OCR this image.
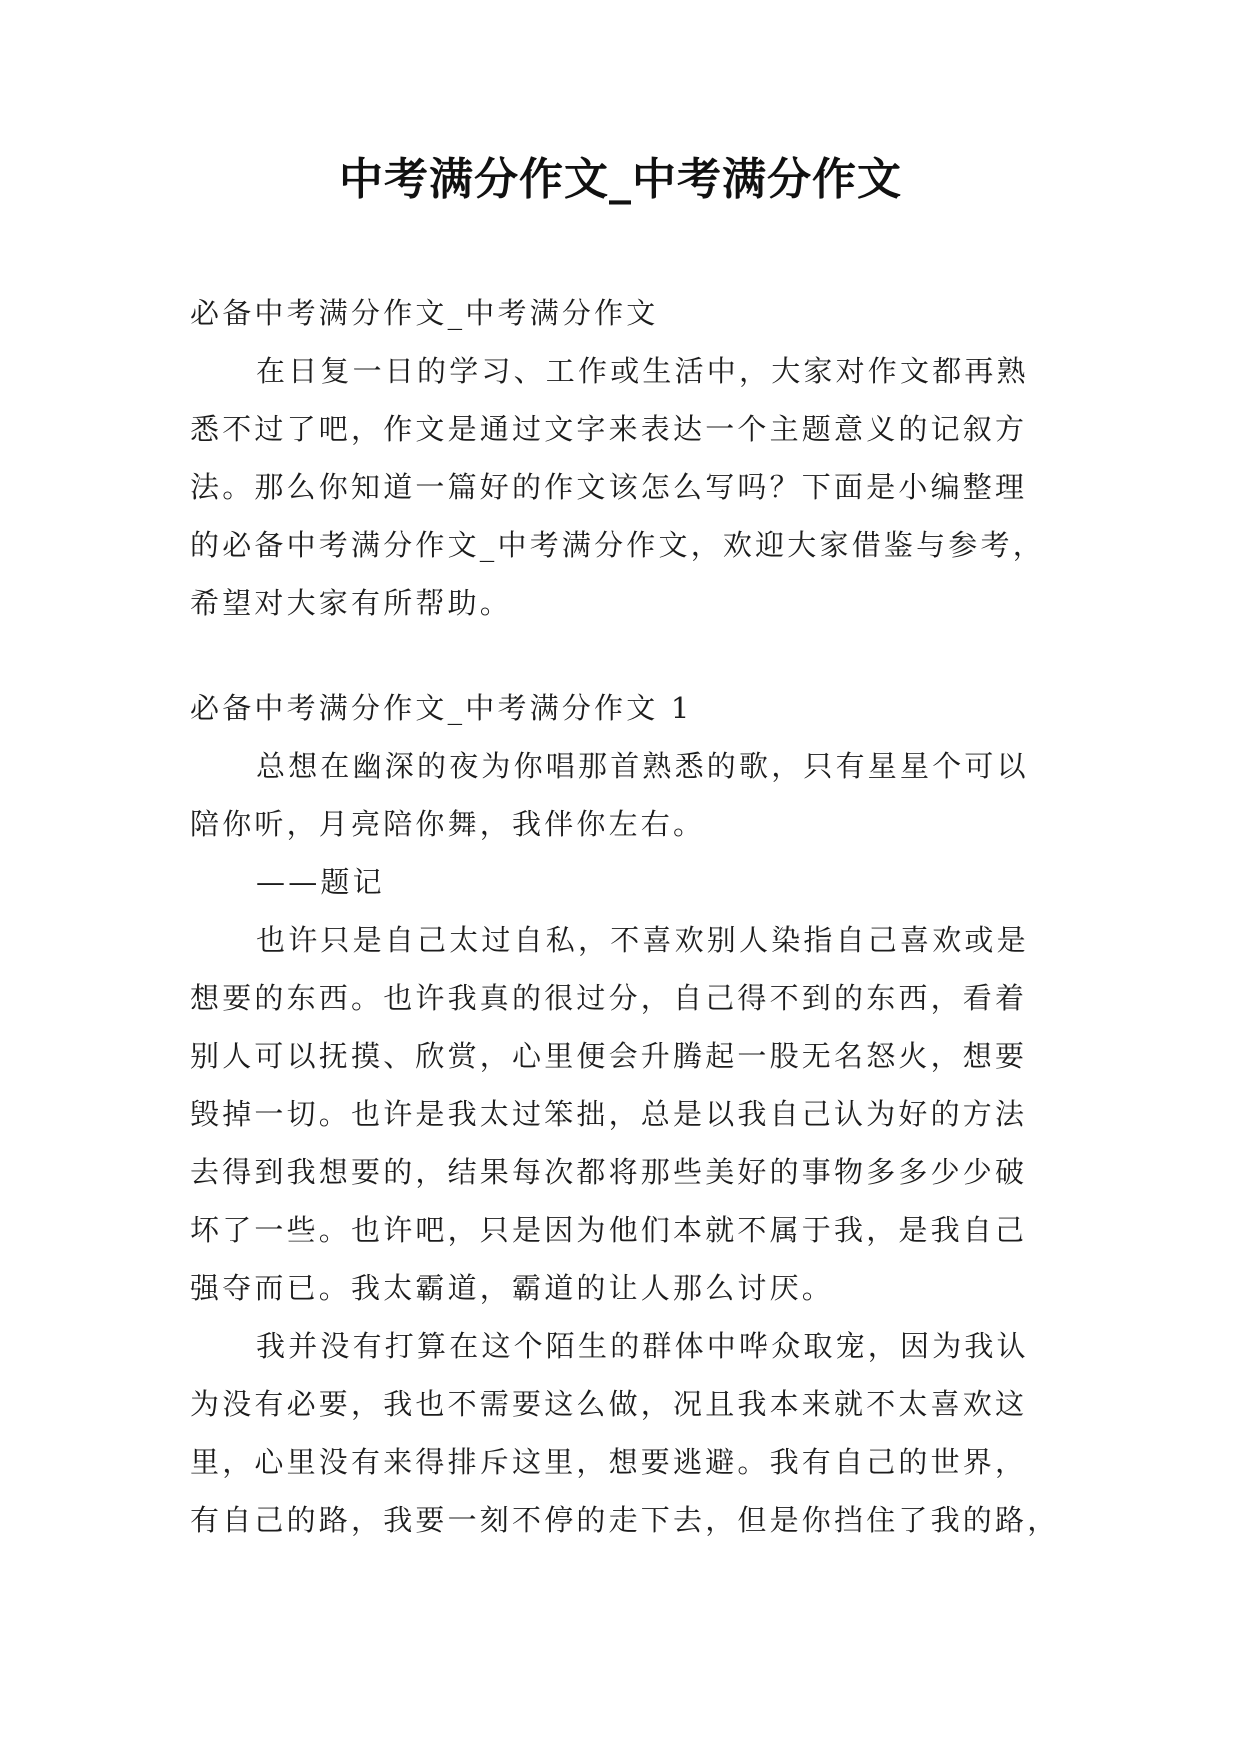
中考满分作文_中考满分作文
必备中考满分作文_中考满分作文
在日复一日的学习、工作或生活中，大家对作文都再熟
悉不过了吧，作文是通过文字来表达一个主题意义的记叙方
法。那么你知道一篇好的作文该怎么写吗？下面是小编整理
的必备中考满分作文_中考满分作文，欢迎大家借鉴与参考，
希望对大家有所帮助。
必备中考满分作文_中考满分作文 1
总想在幽深的夜为你唱那首熟悉的歌，只有星星个可以
陪你听，月亮陪你舞，我伴你左右。
——题记
也许只是自己太过自私，不喜欢别人染指自己喜欢或是
想要的东西。也许我真的很过分，自己得不到的东西，看着
别人可以抚摸、欣赏，心里便会升腾起一股无名怒火，想要
毁掉一切。也许是我太过笨拙，总是以我自己认为好的方法
去得到我想要的，结果每次都将那些美好的事物多多少少破
坏了一些。也许吧，只是因为他们本就不属于我，是我自己
强夺而已。我太霸道，霸道的让人那么讨厌。
我并没有打算在这个陌生的群体中哗众取宠，因为我认
为没有必要，我也不需要这么做，况且我本来就不太喜欢这
里，心里没有来得排斥这里，想要逃避。我有自己的世界，
有自己的路，我要一刻不停的走下去，但是你挡住了我的路，
